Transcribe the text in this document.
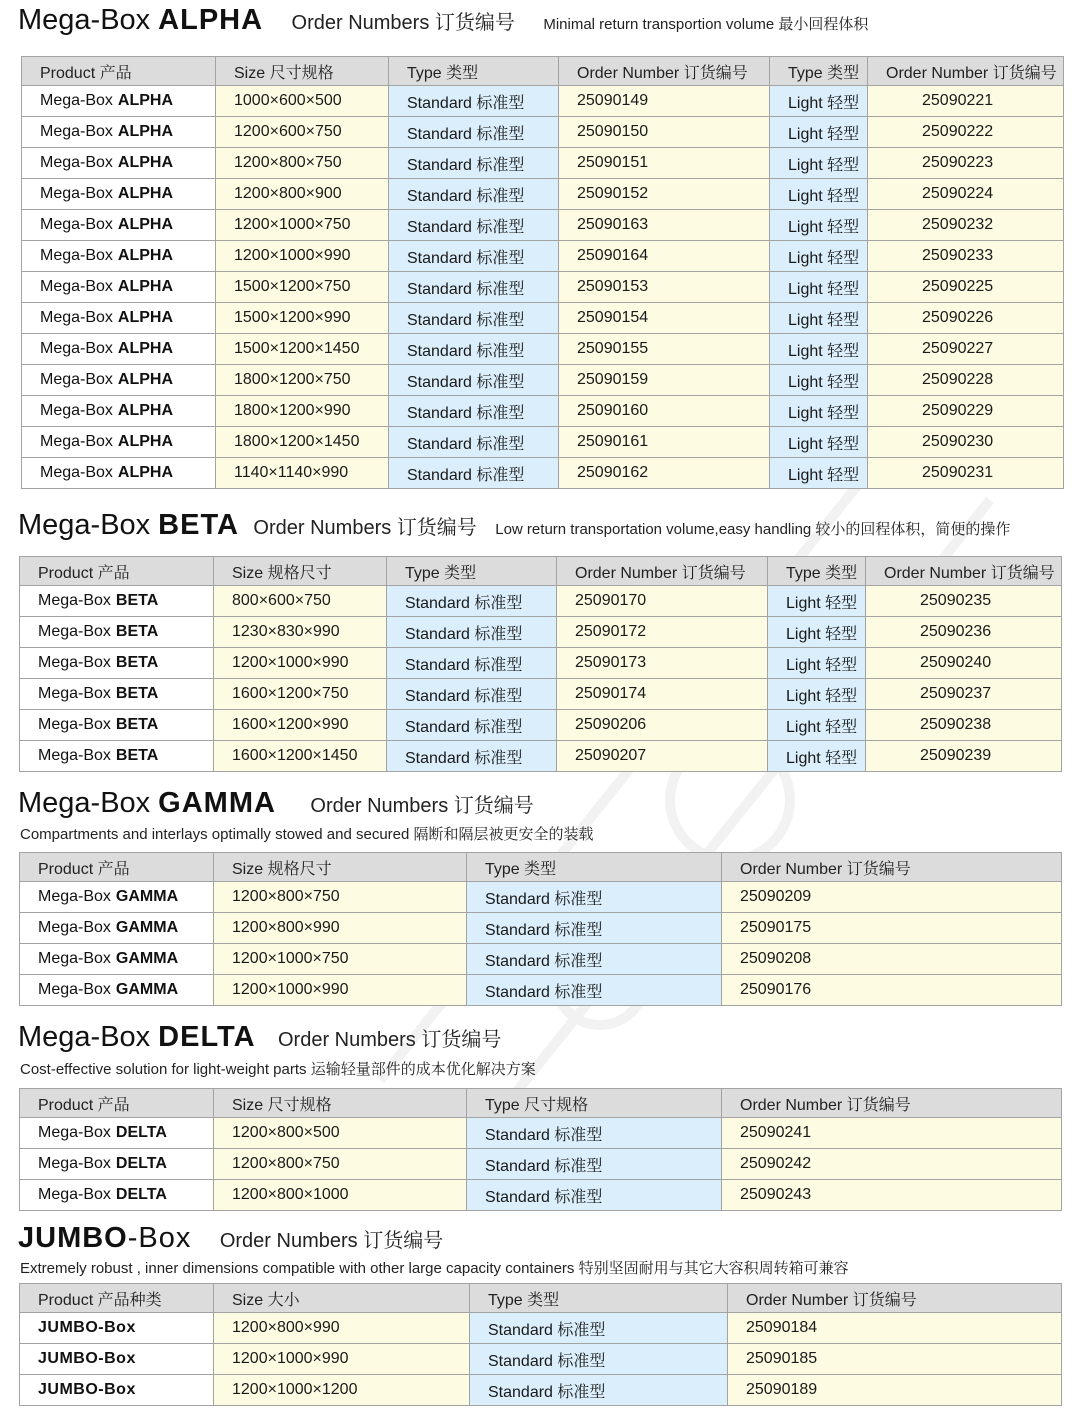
Mega-Box ALPHA Order Numbers 订货编号 Minimal return transportion volume 最小回程体积
Product 产品	Size 尺寸规格	Type 类型	Order Number 订货编号	Type 类型	Order Number 订货编号
Mega-Box ALPHA	1000×600×500	Standard 标准型	25090149	Light 轻型	25090221
Mega-Box ALPHA	1200×600×750	Standard 标准型	25090150	Light 轻型	25090222
Mega-Box ALPHA	1200×800×750	Standard 标准型	25090151	Light 轻型	25090223
Mega-Box ALPHA	1200×800×900	Standard 标准型	25090152	Light 轻型	25090224
Mega-Box ALPHA	1200×1000×750	Standard 标准型	25090163	Light 轻型	25090232
Mega-Box ALPHA	1200×1000×990	Standard 标准型	25090164	Light 轻型	25090233
Mega-Box ALPHA	1500×1200×750	Standard 标准型	25090153	Light 轻型	25090225
Mega-Box ALPHA	1500×1200×990	Standard 标准型	25090154	Light 轻型	25090226
Mega-Box ALPHA	1500×1200×1450	Standard 标准型	25090155	Light 轻型	25090227
Mega-Box ALPHA	1800×1200×750	Standard 标准型	25090159	Light 轻型	25090228
Mega-Box ALPHA	1800×1200×990	Standard 标准型	25090160	Light 轻型	25090229
Mega-Box ALPHA	1800×1200×1450	Standard 标准型	25090161	Light 轻型	25090230
Mega-Box ALPHA	1140×1140×990	Standard 标准型	25090162	Light 轻型	25090231
Mega-Box BETA Order Numbers 订货编号 Low return transportation volume,easy handling 较小的回程体积，简便的操作
Product 产品	Size 规格尺寸	Type 类型	Order Number 订货编号	Type 类型	Order Number 订货编号
Mega-Box BETA	800×600×750	Standard 标准型	25090170	Light 轻型	25090235
Mega-Box BETA	1230×830×990	Standard 标准型	25090172	Light 轻型	25090236
Mega-Box BETA	1200×1000×990	Standard 标准型	25090173	Light 轻型	25090240
Mega-Box BETA	1600×1200×750	Standard 标准型	25090174	Light 轻型	25090237
Mega-Box BETA	1600×1200×990	Standard 标准型	25090206	Light 轻型	25090238
Mega-Box BETA	1600×1200×1450	Standard 标准型	25090207	Light 轻型	25090239
Mega-Box GAMMA Order Numbers 订货编号
Compartments and interlays optimally stowed and secured 隔断和隔层被更安全的装载
Product 产品	Size 规格尺寸	Type 类型	Order Number 订货编号
Mega-Box GAMMA	1200×800×750	Standard 标准型	25090209
Mega-Box GAMMA	1200×800×990	Standard 标准型	25090175
Mega-Box GAMMA	1200×1000×750	Standard 标准型	25090208
Mega-Box GAMMA	1200×1000×990	Standard 标准型	25090176
Mega-Box DELTA Order Numbers 订货编号
Cost-effective solution for light-weight parts 运输轻量部件的成本优化解决方案
Product 产品	Size 尺寸规格	Type 尺寸规格	Order Number 订货编号
Mega-Box DELTA	1200×800×500	Standard 标准型	25090241
Mega-Box DELTA	1200×800×750	Standard 标准型	25090242
Mega-Box DELTA	1200×800×1000	Standard 标准型	25090243
JUMBO-Box Order Numbers 订货编号
Extremely robust , inner dimensions compatible with other large capacity containers 特别坚固耐用与其它大容积周转箱可兼容
Product 产品种类	Size 大小	Type 类型	Order Number 订货编号
JUMBO-Box	1200×800×990	Standard 标准型	25090184
JUMBO-Box	1200×1000×990	Standard 标准型	25090185
JUMBO-Box	1200×1000×1200	Standard 标准型	25090189
